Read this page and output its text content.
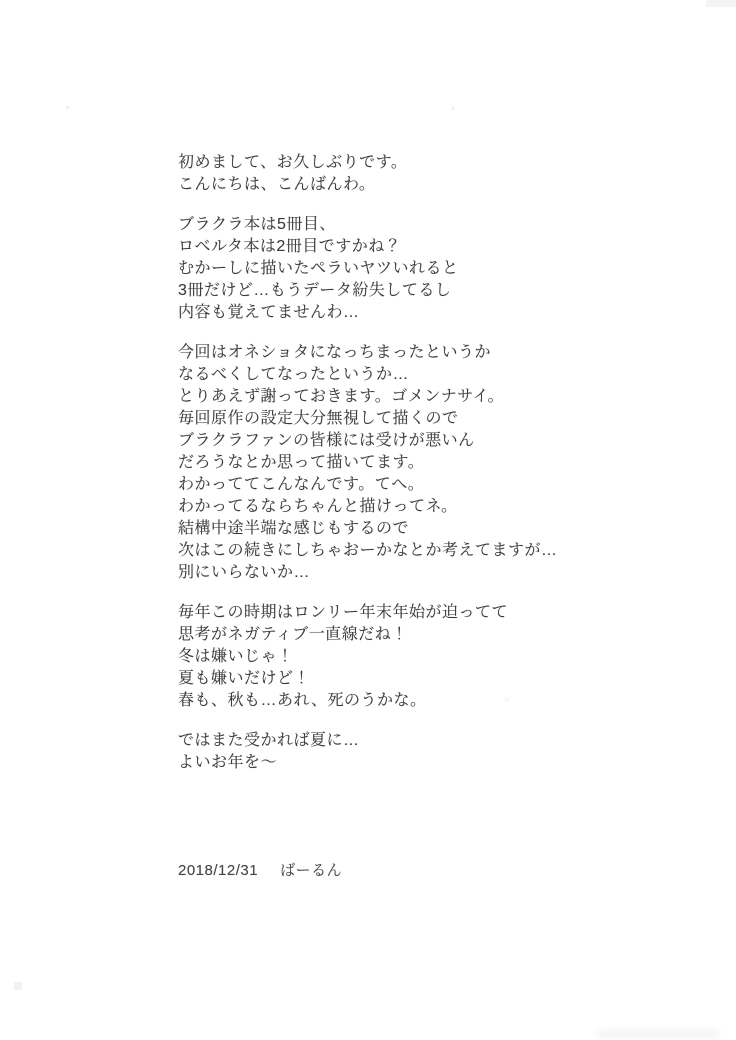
初めまして、お久しぶりです。
こんにちは、こんばんわ。
ブラクラ本は5冊目、
ロベルタ本は2冊目ですかね？
むかーしに描いたペラいヤツいれると
3冊だけど…もうデータ紛失してるし
内容も覚えてませんわ…
今回はオネショタになっちまったというか
なるべくしてなったというか…
とりあえず謝っておきます。ゴメンナサイ。
毎回原作の設定大分無視して描くので
ブラクラファンの皆様には受けが悪いん
だろうなとか思って描いてます。
わかっててこんなんです。てへ。
わかってるならちゃんと描けってネ。
結構中途半端な感じもするので
次はこの続きにしちゃおーかなとか考えてますが…
別にいらないか…
毎年この時期はロンリー年末年始が迫ってて
思考がネガティブ一直線だね！
冬は嫌いじゃ！
夏も嫌いだけど！
春も、秋も…あれ、死のうかな。
ではまた受かれば夏に…
よいお年を～
2018/12/31 ばーるん
